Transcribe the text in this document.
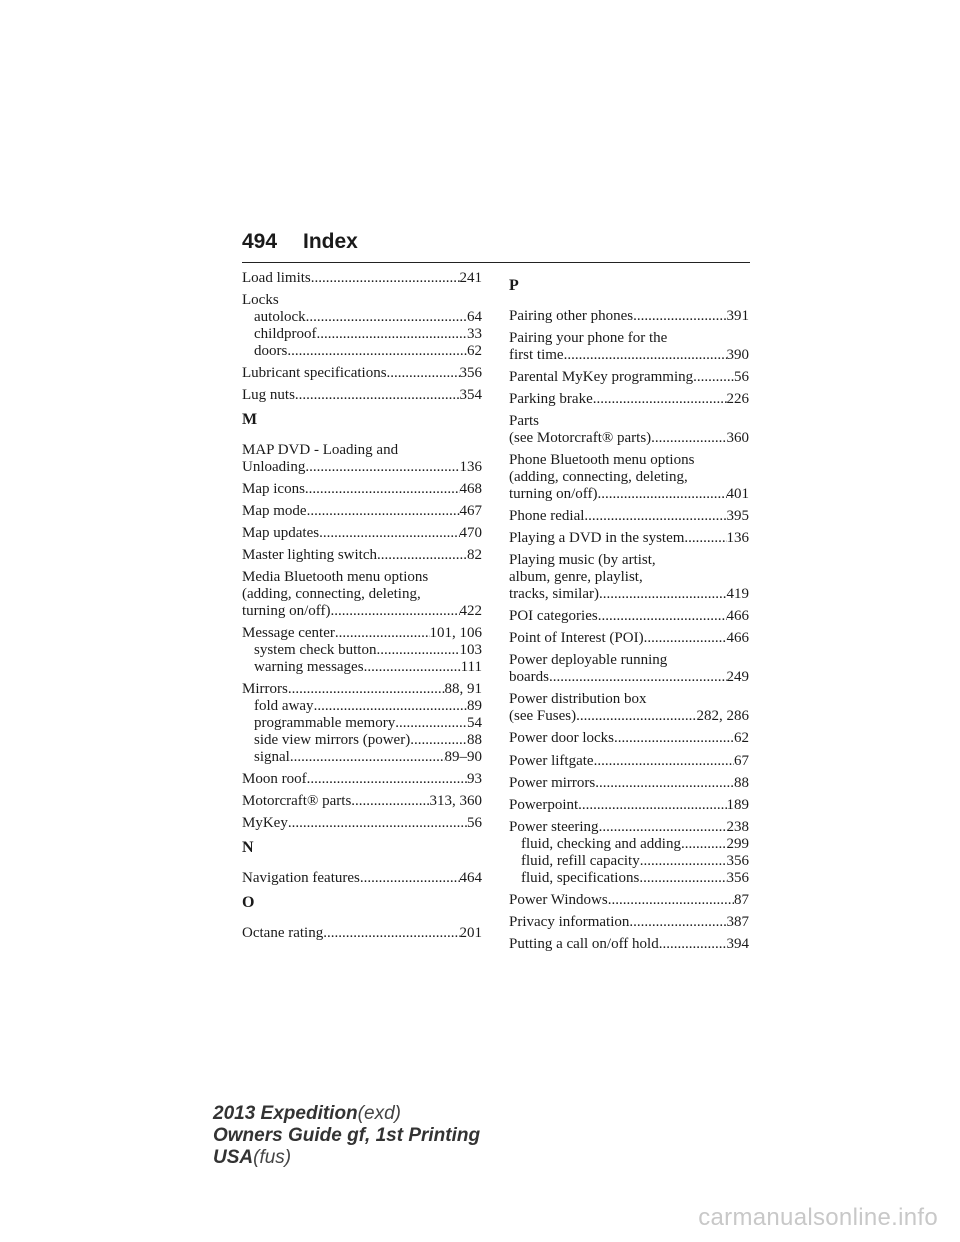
494 Index
Load limits .....	241
Locks
autolock .....	64
childproof .....	33
doors .....	62
Lubricant specifications .....	356
Lug nuts .....	354
M
MAP DVD - Loading and
Unloading .....	136
Map icons .....	468
Map mode .....	467
Map updates .....	470
Master lighting switch .....	82
Media Bluetooth menu options
(adding, connecting, deleting,
turning on/off) .....	422
Message center .....	101, 106
system check button .....	103
warning messages .....	111
Mirrors .....	88, 91
fold away .....	89
programmable memory .....	54
side view mirrors (power) .....	88
signal .....	89–90
Moon roof .....	93
Motorcraft® parts .....	313, 360
MyKey .....	56
N
Navigation features .....	464
O
Octane rating .....	201
P
Pairing other phones .....	391
Pairing your phone for the
first time .....	390
Parental MyKey programming .....	56
Parking brake .....	226
Parts
(see Motorcraft® parts) .....	360
Phone Bluetooth menu options
(adding, connecting, deleting,
turning on/off) .....	401
Phone redial .....	395
Playing a DVD in the system .....	136
Playing music (by artist,
album, genre, playlist,
tracks, similar) .....	419
POI categories .....	466
Point of Interest (POI) .....	466
Power deployable running
boards .....	249
Power distribution box
(see Fuses) .....	282, 286
Power door locks .....	62
Power liftgate .....	67
Power mirrors .....	88
Powerpoint .....	189
Power steering .....	238
fluid, checking and adding .....	299
fluid, refill capacity .....	356
fluid, specifications .....	356
Power Windows .....	87
Privacy information .....	387
Putting a call on/off hold .....	394
2013 Expedition(exd)
Owners Guide gf, 1st Printing
USA(fus)
carmanualsonline.info
